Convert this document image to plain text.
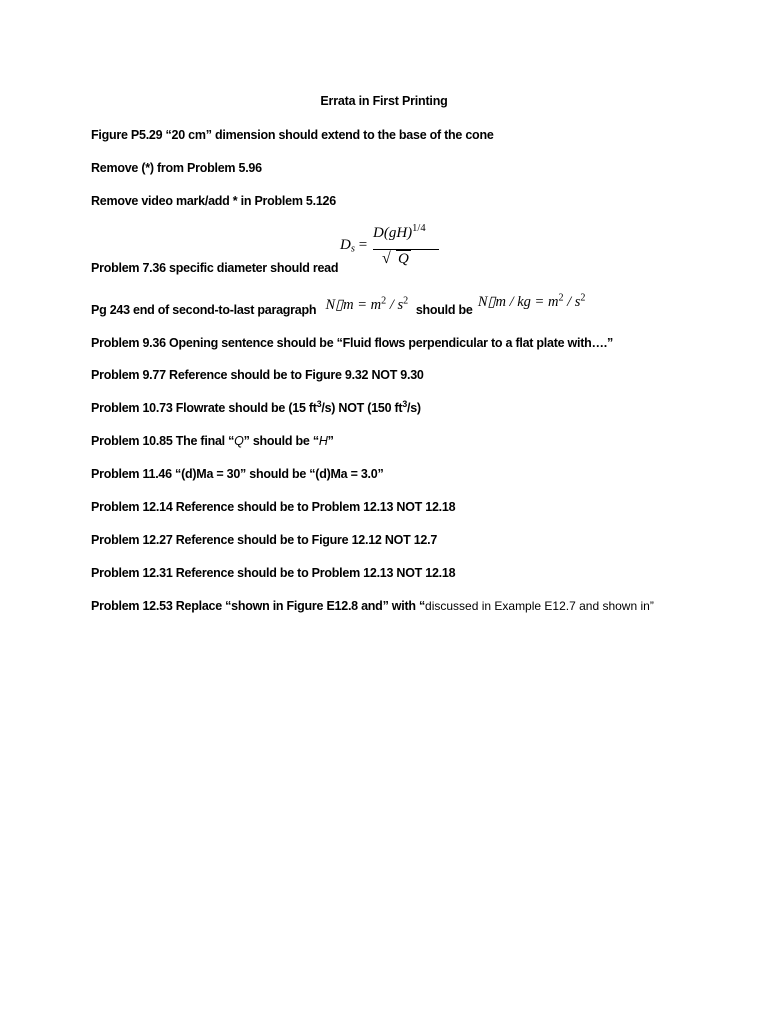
Errata in First Printing
Figure P5.29 “20 cm” dimension should extend to the base of the cone
Remove (*) from Problem 5.96
Remove video mark/add * in Problem 5.126
$D_s$ =
D(gH)$^{1/4}$
√ Q
Problem 7.36 specific diameter should read
Pg 243 end of second-to-last paragraph N▯m = $m^2 / s^2$ should be N▯m / kg = $m^2 / s^2$
Problem 9.36 Opening sentence should be “Fluid flows perpendicular to a flat plate with….”
Problem 9.77 Reference should be to Figure 9.32 NOT 9.30
Problem 10.73 Flowrate should be (15 $ft^3/s$) NOT (150 $ft^3/s$)
Problem 10.85 The final “Q” should be “H”
Problem 11.46 “(d)Ma = 30” should be “(d)Ma = 3.0”
Problem 12.14 Reference should be to Problem 12.13 NOT 12.18
Problem 12.27 Reference should be to Figure 12.12 NOT 12.7
Problem 12.31 Reference should be to Problem 12.13 NOT 12.18
Problem 12.53 Replace “shown in Figure E12.8 and” with “discussed in Example E12.7 and shown in”
